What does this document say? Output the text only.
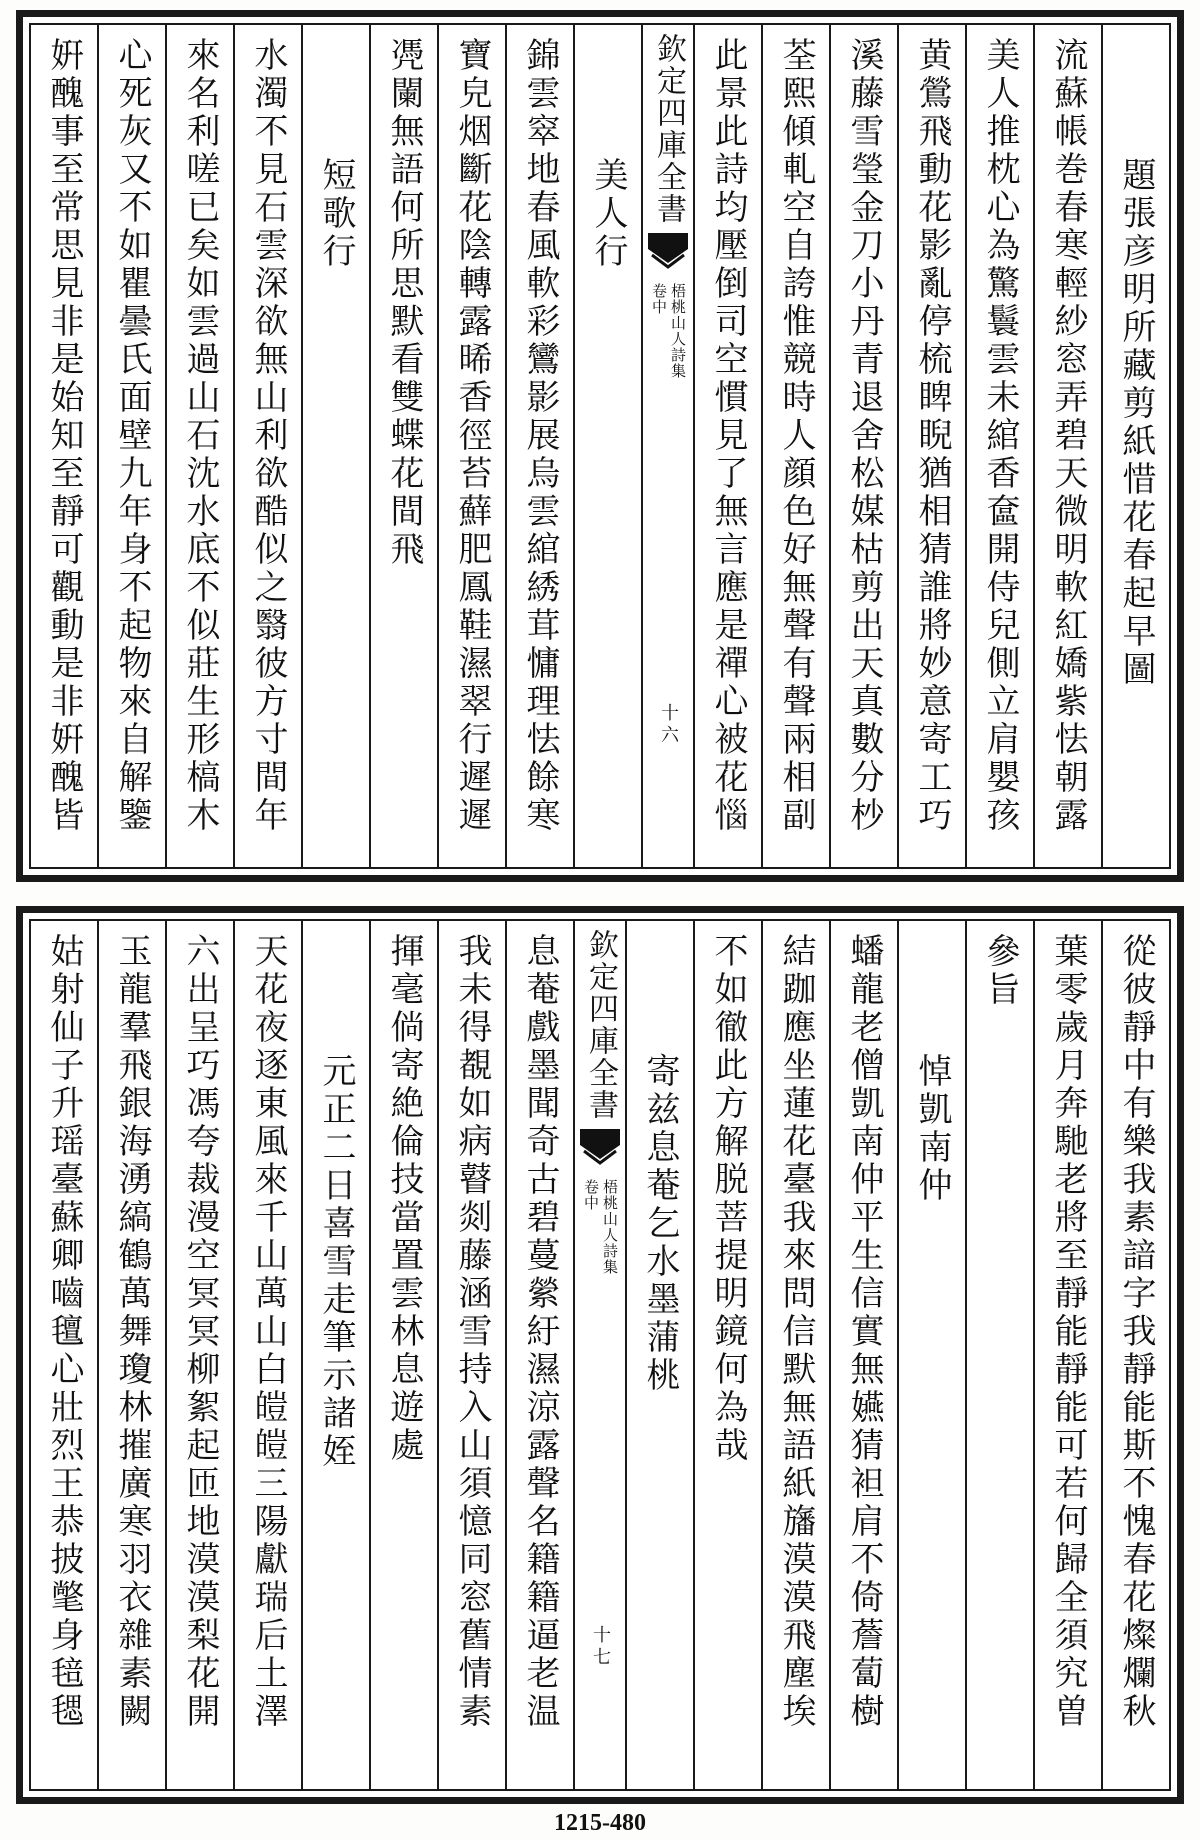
題張彦明所藏剪紙惜花春起早圖
流蘇帳巻春寒輕紗窓弄碧天微明軟紅嬌紫怯朝露
美人推枕心為驚鬟雲未綰香奩開侍兒側立肩嬰孩
黄鶯飛動花影亂停梳睥睨猶相猜誰將妙意寄工巧
溪藤雪瑩金刀小丹青退舍松媒枯剪出天真數分杪
荃熙傾軋空自誇惟競時人顔色好無聲有聲兩相副
此景此詩均壓倒司空慣見了無言應是禪心被花惱
欽定四庫全書
梧桃山人詩集
卷中
十六
美人行
錦雲窣地春風軟彩鸞影展烏雲綰綉茸慵理怯餘寒
寶皃烟斷花陰轉露晞香徑苔蘚肥鳳鞋濕翠行遲遲
凴闌無語何所思默看雙蝶花間飛
短歌行
水濁不見石雲深欲無山利欲酷似之翳彼方寸間年
來名利嗟已矣如雲過山石沈水底不似莊生形槁木
心死灰又不如瞿曇氏面壁九年身不起物來自解鑒
姸醜事至常思見非是始知至靜可觀動是非姸醜皆
從彼靜中有樂我素諳字我靜能斯不愧春花燦爛秋
葉零歲月奔馳老將至靜能靜能可若何歸全須究曽
參旨
悼凱南仲
蟠龍老僧凱南仲平生信實無嬿猜袒肩不倚薝蔔樹
結跏應坐蓮花臺我來問信默無語紙旛漠漠飛塵埃
不如徹此方解脱菩提明鏡何為哉
寄兹息菴乞水墨蒲桃
欽定四庫全書
梧桃山人詩集
卷中
十七
息菴戲墨聞奇古碧蔓縈紆濕涼露聲名籍籍逼老温
我未得覩如病瞽剡藤涵雪持入山須憶同窓舊情素
揮毫倘寄絶倫技當置雲林息遊處
元正二日喜雪走筆示諸姪
天花夜逐東風來千山萬山白皚皚三陽獻瑞后土澤
六出呈巧馮夸裁漫空冥冥柳絮起匝地漠漠梨花開
玉龍羣飛銀海湧縞鶴萬舞瓊林摧廣寒羽衣雜素闕
姑射仙子升瑶臺蘇卿嚙氊心壯烈王恭披氅身毰毸
1215-480
